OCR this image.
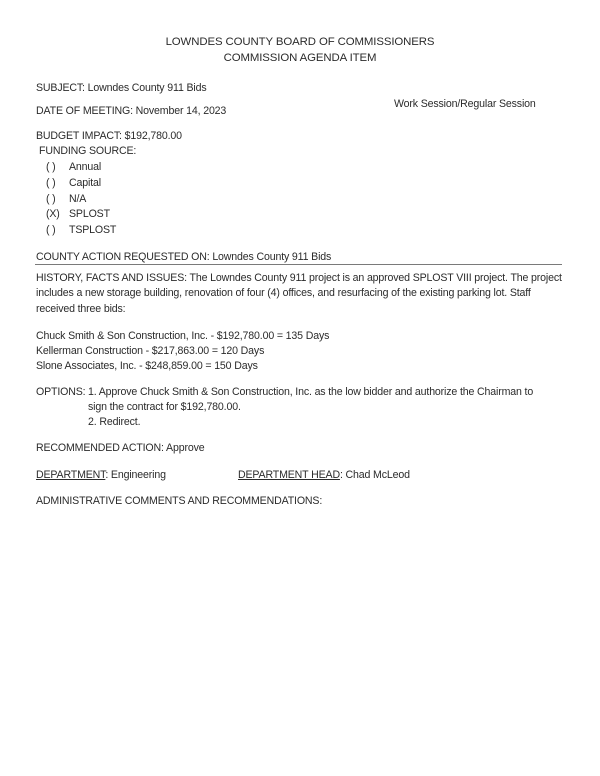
LOWNDES COUNTY BOARD OF COMMISSIONERS
COMMISSION AGENDA ITEM
SUBJECT: Lowndes County 911 Bids
DATE OF MEETING: November 14, 2023
Work Session/Regular Session
BUDGET IMPACT: $192,780.00
FUNDING SOURCE:
( ) Annual
( ) Capital
( ) N/A
(X) SPLOST
( ) TSPLOST
COUNTY ACTION REQUESTED ON: Lowndes County 911 Bids
HISTORY, FACTS AND ISSUES: The Lowndes County 911 project is an approved SPLOST VIII project. The project includes a new storage building, renovation of four (4) offices, and resurfacing of the existing parking lot. Staff received three bids:
Chuck Smith & Son Construction, Inc. - $192,780.00 = 135 Days
Kellerman Construction - $217,863.00 = 120 Days
Slone Associates, Inc. - $248,859.00 = 150 Days
OPTIONS: 1. Approve Chuck Smith & Son Construction, Inc. as the low bidder and authorize the Chairman to
sign the contract for $192,780.00.
2. Redirect.
RECOMMENDED ACTION: Approve
DEPARTMENT: Engineering	DEPARTMENT HEAD: Chad McLeod
ADMINISTRATIVE COMMENTS AND RECOMMENDATIONS:
